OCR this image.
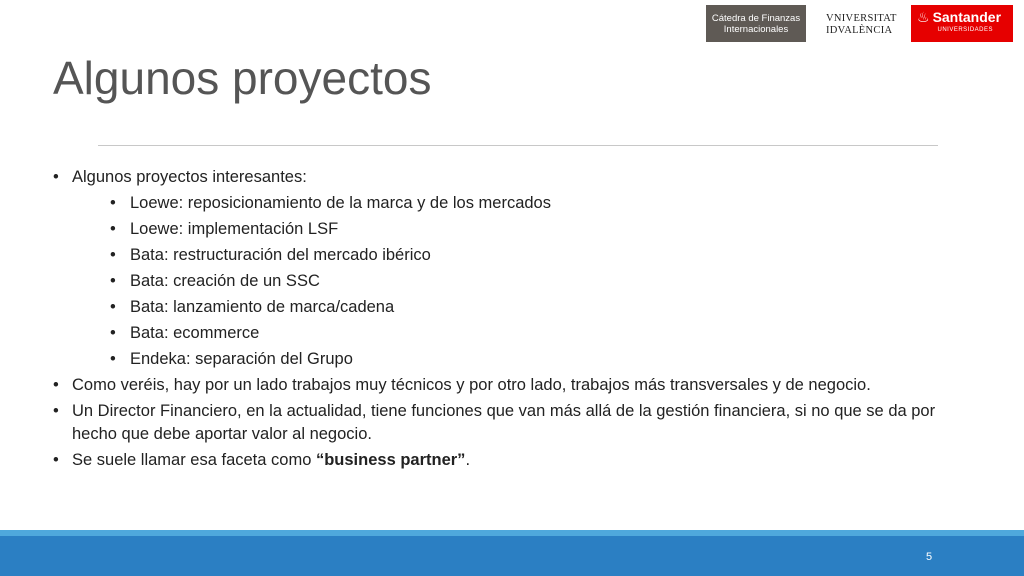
Cátedra de Finanzas
Internacionales
VNIVERSITAT
IDVALÈNCIA
♨ Santander
UNIVERSIDADES
Algunos proyectos
• Algunos proyectos interesantes:
• Loewe: reposicionamiento de la marca y de los mercados
• Loewe: implementación LSF
• Bata: restructuración del mercado ibérico
• Bata: creación de un SSC
• Bata: lanzamiento de marca/cadena
• Bata: ecommerce
• Endeka: separación del Grupo
• Como veréis, hay por un lado trabajos muy técnicos y por otro lado, trabajos más transversales y de negocio.
• Un Director Financiero, en la actualidad, tiene funciones que van más allá de la gestión financiera, si no que se da por hecho que debe aportar valor al negocio.
• Se suele llamar esa faceta como “business partner”.
5
